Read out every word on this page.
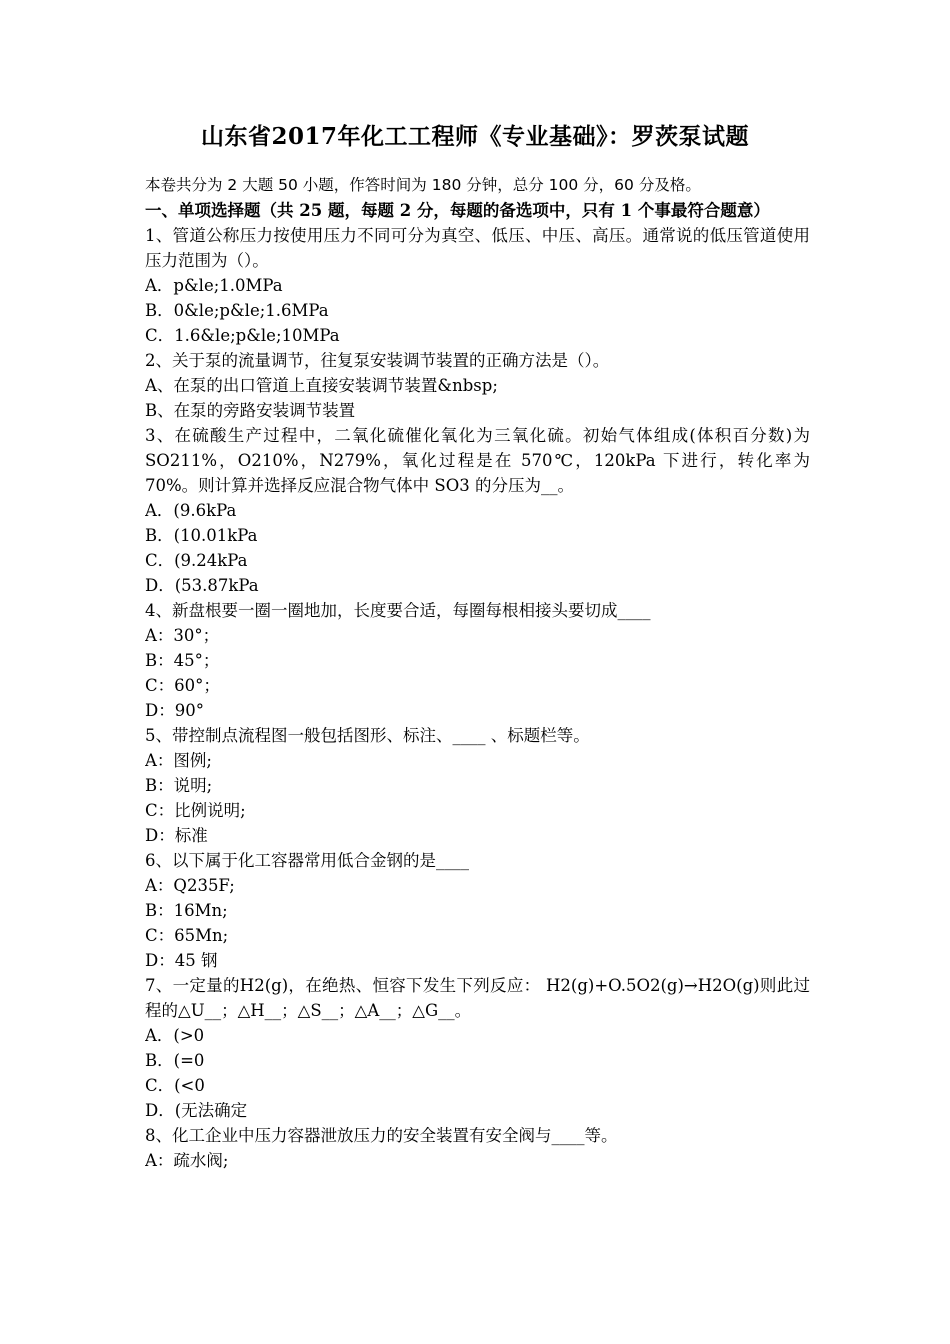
山东省2017年化工工程师《专业基础》：罗茨泵试题
本卷共分为 2 大题 50 小题，作答时间为 180 分钟，总分 100 分，60 分及格。
一、单项选择题（共 25 题，每题 2 分，每题的备选项中，只有 1 个事最符合题意）
1、管道公称压力按使用压力不同可分为真空、低压、中压、高压。通常说的低压管道使用压力范围为（）。
A．p&le;1.0MPa
B．0&le;p&le;1.6MPa
C．1.6&le;p&le;10MPa
2、关于泵的流量调节，往复泵安装调节装置的正确方法是（）。
A、在泵的出口管道上直接安装调节装置&nbsp;
B、在泵的旁路安装调节装置
3、在硫酸生产过程中，二氧化硫催化氧化为三氧化硫。初始气体组成(体积百分数)为 SO211%，O210%，N279%，氧化过程是在 570℃，120kPa 下进行，转化率为 70%。则计算并选择反应混合物气体中 SO3 的分压为__。
A．(9.6kPa
B．(10.01kPa
C．(9.24kPa
D．(53.87kPa
4、新盘根要一圈一圈地加，长度要合适，每圈每根相接头要切成____
A：30°；
B：45°；
C：60°；
D：90°
5、带控制点流程图一般包括图形、标注、____ 、标题栏等。
A：图例;
B：说明;
C：比例说明;
D：标准
6、以下属于化工容器常用低合金钢的是____
A：Q235F;
B：16Mn;
C：65Mn;
D：45 钢
7、一定量的H2(g)，在绝热、恒容下发生下列反应： H2(g)+O.5O2(g)→H2O(g)则此过程的△U__；△H__；△S__；△A__；△G__。
A．(>0
B．(=0
C．(<0
D．(无法确定
8、化工企业中压力容器泄放压力的安全装置有安全阀与____等。
A：疏水阀;
